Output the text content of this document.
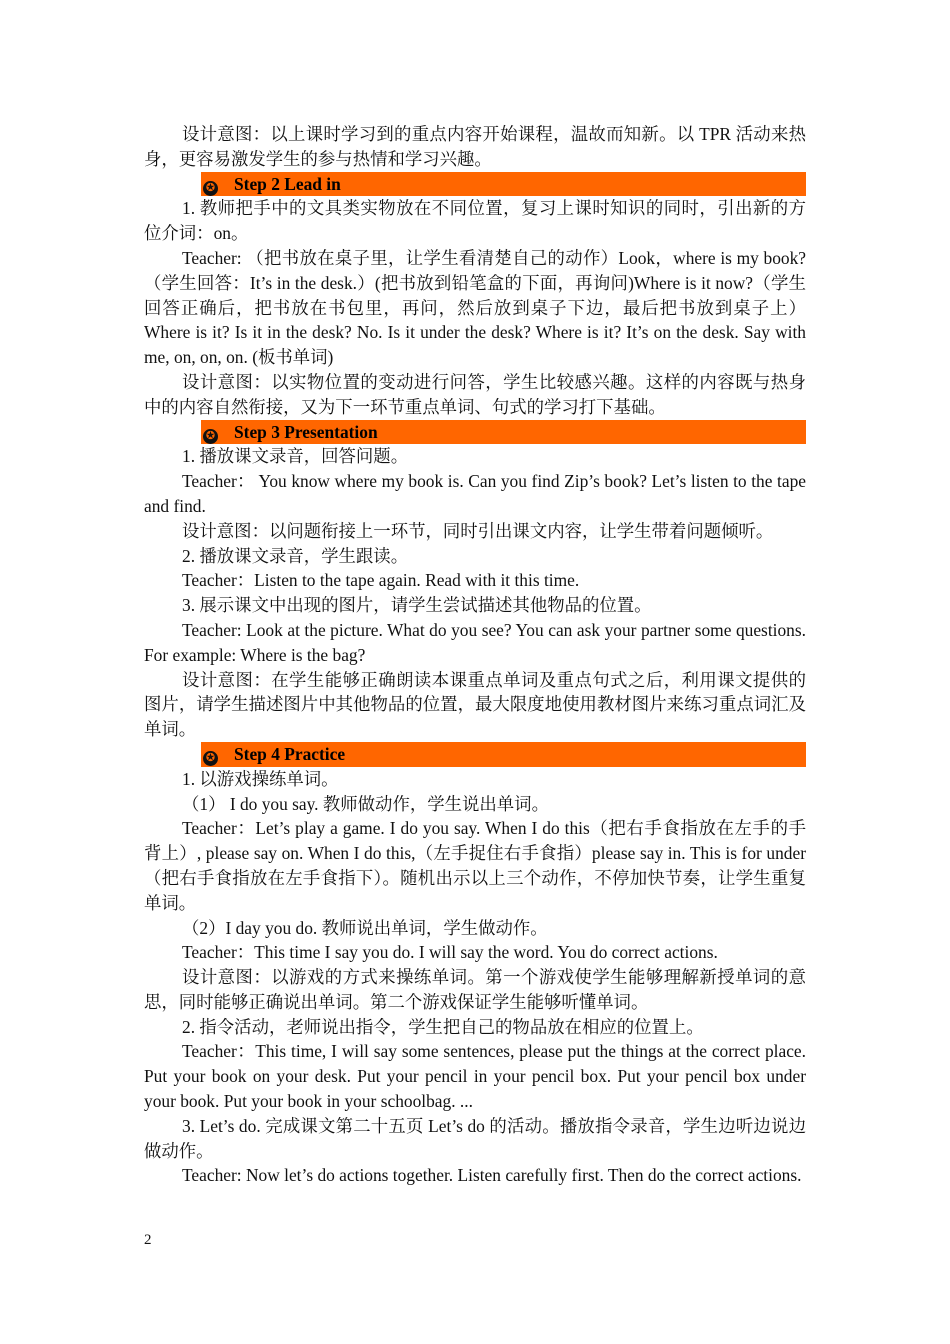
设计意图：以上课时学习到的重点内容开始课程，温故而知新。以 TPR 活动来热身，更容易激发学生的参与热情和学习兴趣。

✪ Step 2 Lead in

1. 教师把手中的文具类实物放在不同位置，复习上课时知识的同时，引出新的方位介词：on。

Teacher: （把书放在桌子里，让学生看清楚自己的动作）Look，where is my book?（学生回答：It’s in the desk.）(把书放到铅笔盒的下面，再询问)Where is it now?（学生回答正确后，把书放在书包里，再问，然后放到桌子下边，最后把书放到桌子上）Where is it? Is it in the desk? No. Is it under the desk? Where is it? It’s on the desk. Say with me, on, on, on. (板书单词)

设计意图：以实物位置的变动进行问答，学生比较感兴趣。这样的内容既与热身中的内容自然衔接，又为下一环节重点单词、句式的学习打下基础。

✪ Step 3 Presentation

1. 播放课文录音，回答问题。

Teacher： You know where my book is. Can you find Zip’s book? Let’s listen to the tape and find.

设计意图：以问题衔接上一环节，同时引出课文内容，让学生带着问题倾听。

2. 播放课文录音，学生跟读。

Teacher：Listen to the tape again. Read with it this time.

3. 展示课文中出现的图片，请学生尝试描述其他物品的位置。

Teacher: Look at the picture. What do you see? You can ask your partner some questions. For example: Where is the bag?

设计意图：在学生能够正确朗读本课重点单词及重点句式之后，利用课文提供的图片，请学生描述图片中其他物品的位置，最大限度地使用教材图片来练习重点词汇及单词。

✪ Step 4 Practice

1. 以游戏操练单词。

（1） I do you say. 教师做动作，学生说出单词。

Teacher：Let’s play a game. I do you say. When I do this（把右手食指放在左手的手背上）, please say on. When I do this,（左手捉住右手食指）please say in. This is for under（把右手食指放在左手食指下）。随机出示以上三个动作，不停加快节奏，让学生重复单词。

（2）I day you do. 教师说出单词，学生做动作。

Teacher：This time I say you do. I will say the word. You do correct actions.

设计意图：以游戏的方式来操练单词。第一个游戏使学生能够理解新授单词的意思，同时能够正确说出单词。第二个游戏保证学生能够听懂单词。

2. 指令活动，老师说出指令，学生把自己的物品放在相应的位置上。

Teacher：This time, I will say some sentences, please put the things at the correct place. Put your book on your desk. Put your pencil in your pencil box. Put your pencil box under your book. Put your book in your schoolbag. ...

3. Let’s do. 完成课文第二十五页 Let’s do 的活动。播放指令录音，学生边听边说边做动作。

Teacher: Now let’s do actions together. Listen carefully first. Then do the correct actions.

2
